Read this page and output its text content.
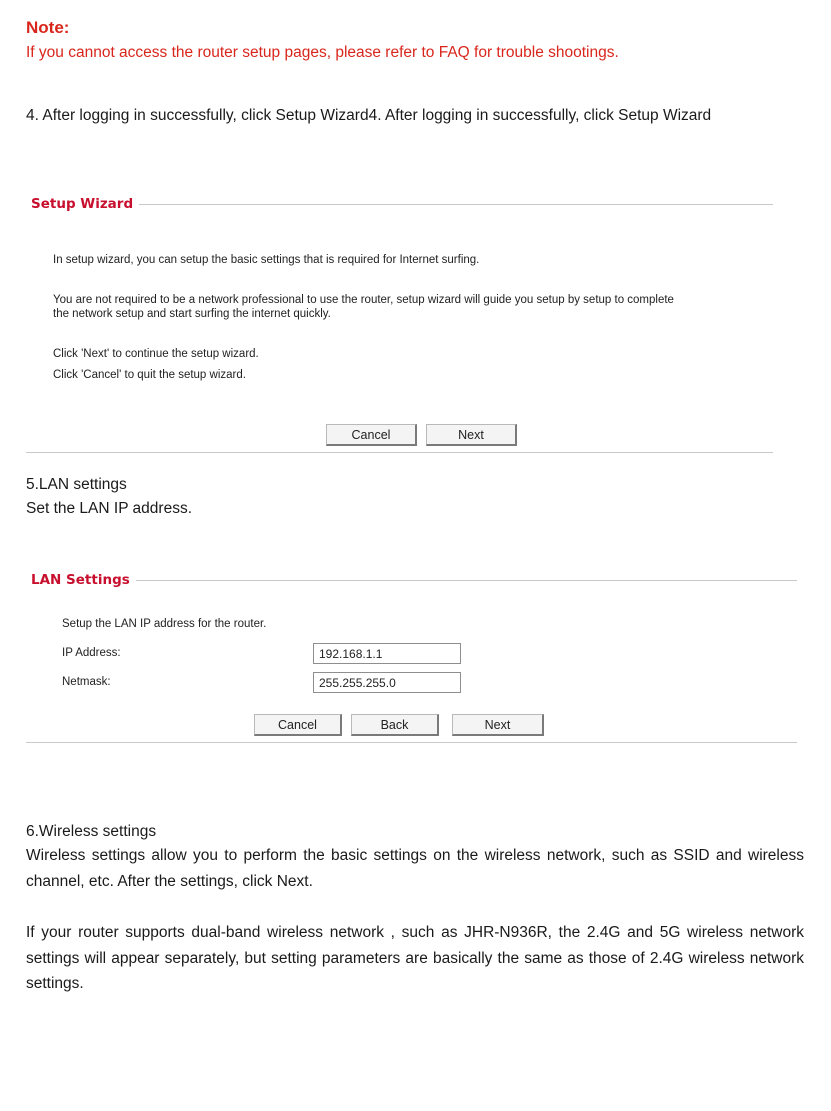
Note:
If you cannot access the router setup pages, please refer to FAQ for trouble shootings.
4. After logging in successfully, click Setup Wizard4. After logging in successfully, click Setup Wizard
Setup Wizard
In setup wizard, you can setup the basic settings that is required for Internet surfing.
You are not required to be a network professional to use the router, setup wizard will guide you setup by setup to complete
the network setup and start surfing the internet quickly.
Click 'Next' to continue the setup wizard.
Click 'Cancel' to quit the setup wizard.
Cancel	Next
5.LAN settings
Set the LAN IP address.
LAN Settings
Setup the LAN IP address for the router.
IP Address:
192.168.1.1
Netmask:
255.255.255.0
Cancel	Back	Next
6.Wireless settings
Wireless settings allow you to perform the basic settings on the wireless network, such as SSID and wireless channel, etc. After the settings, click Next.
If your router supports dual-band wireless network , such as JHR-N936R, the 2.4G and 5G wireless network settings will appear separately, but setting parameters are basically the same as those of 2.4G wireless network settings.
